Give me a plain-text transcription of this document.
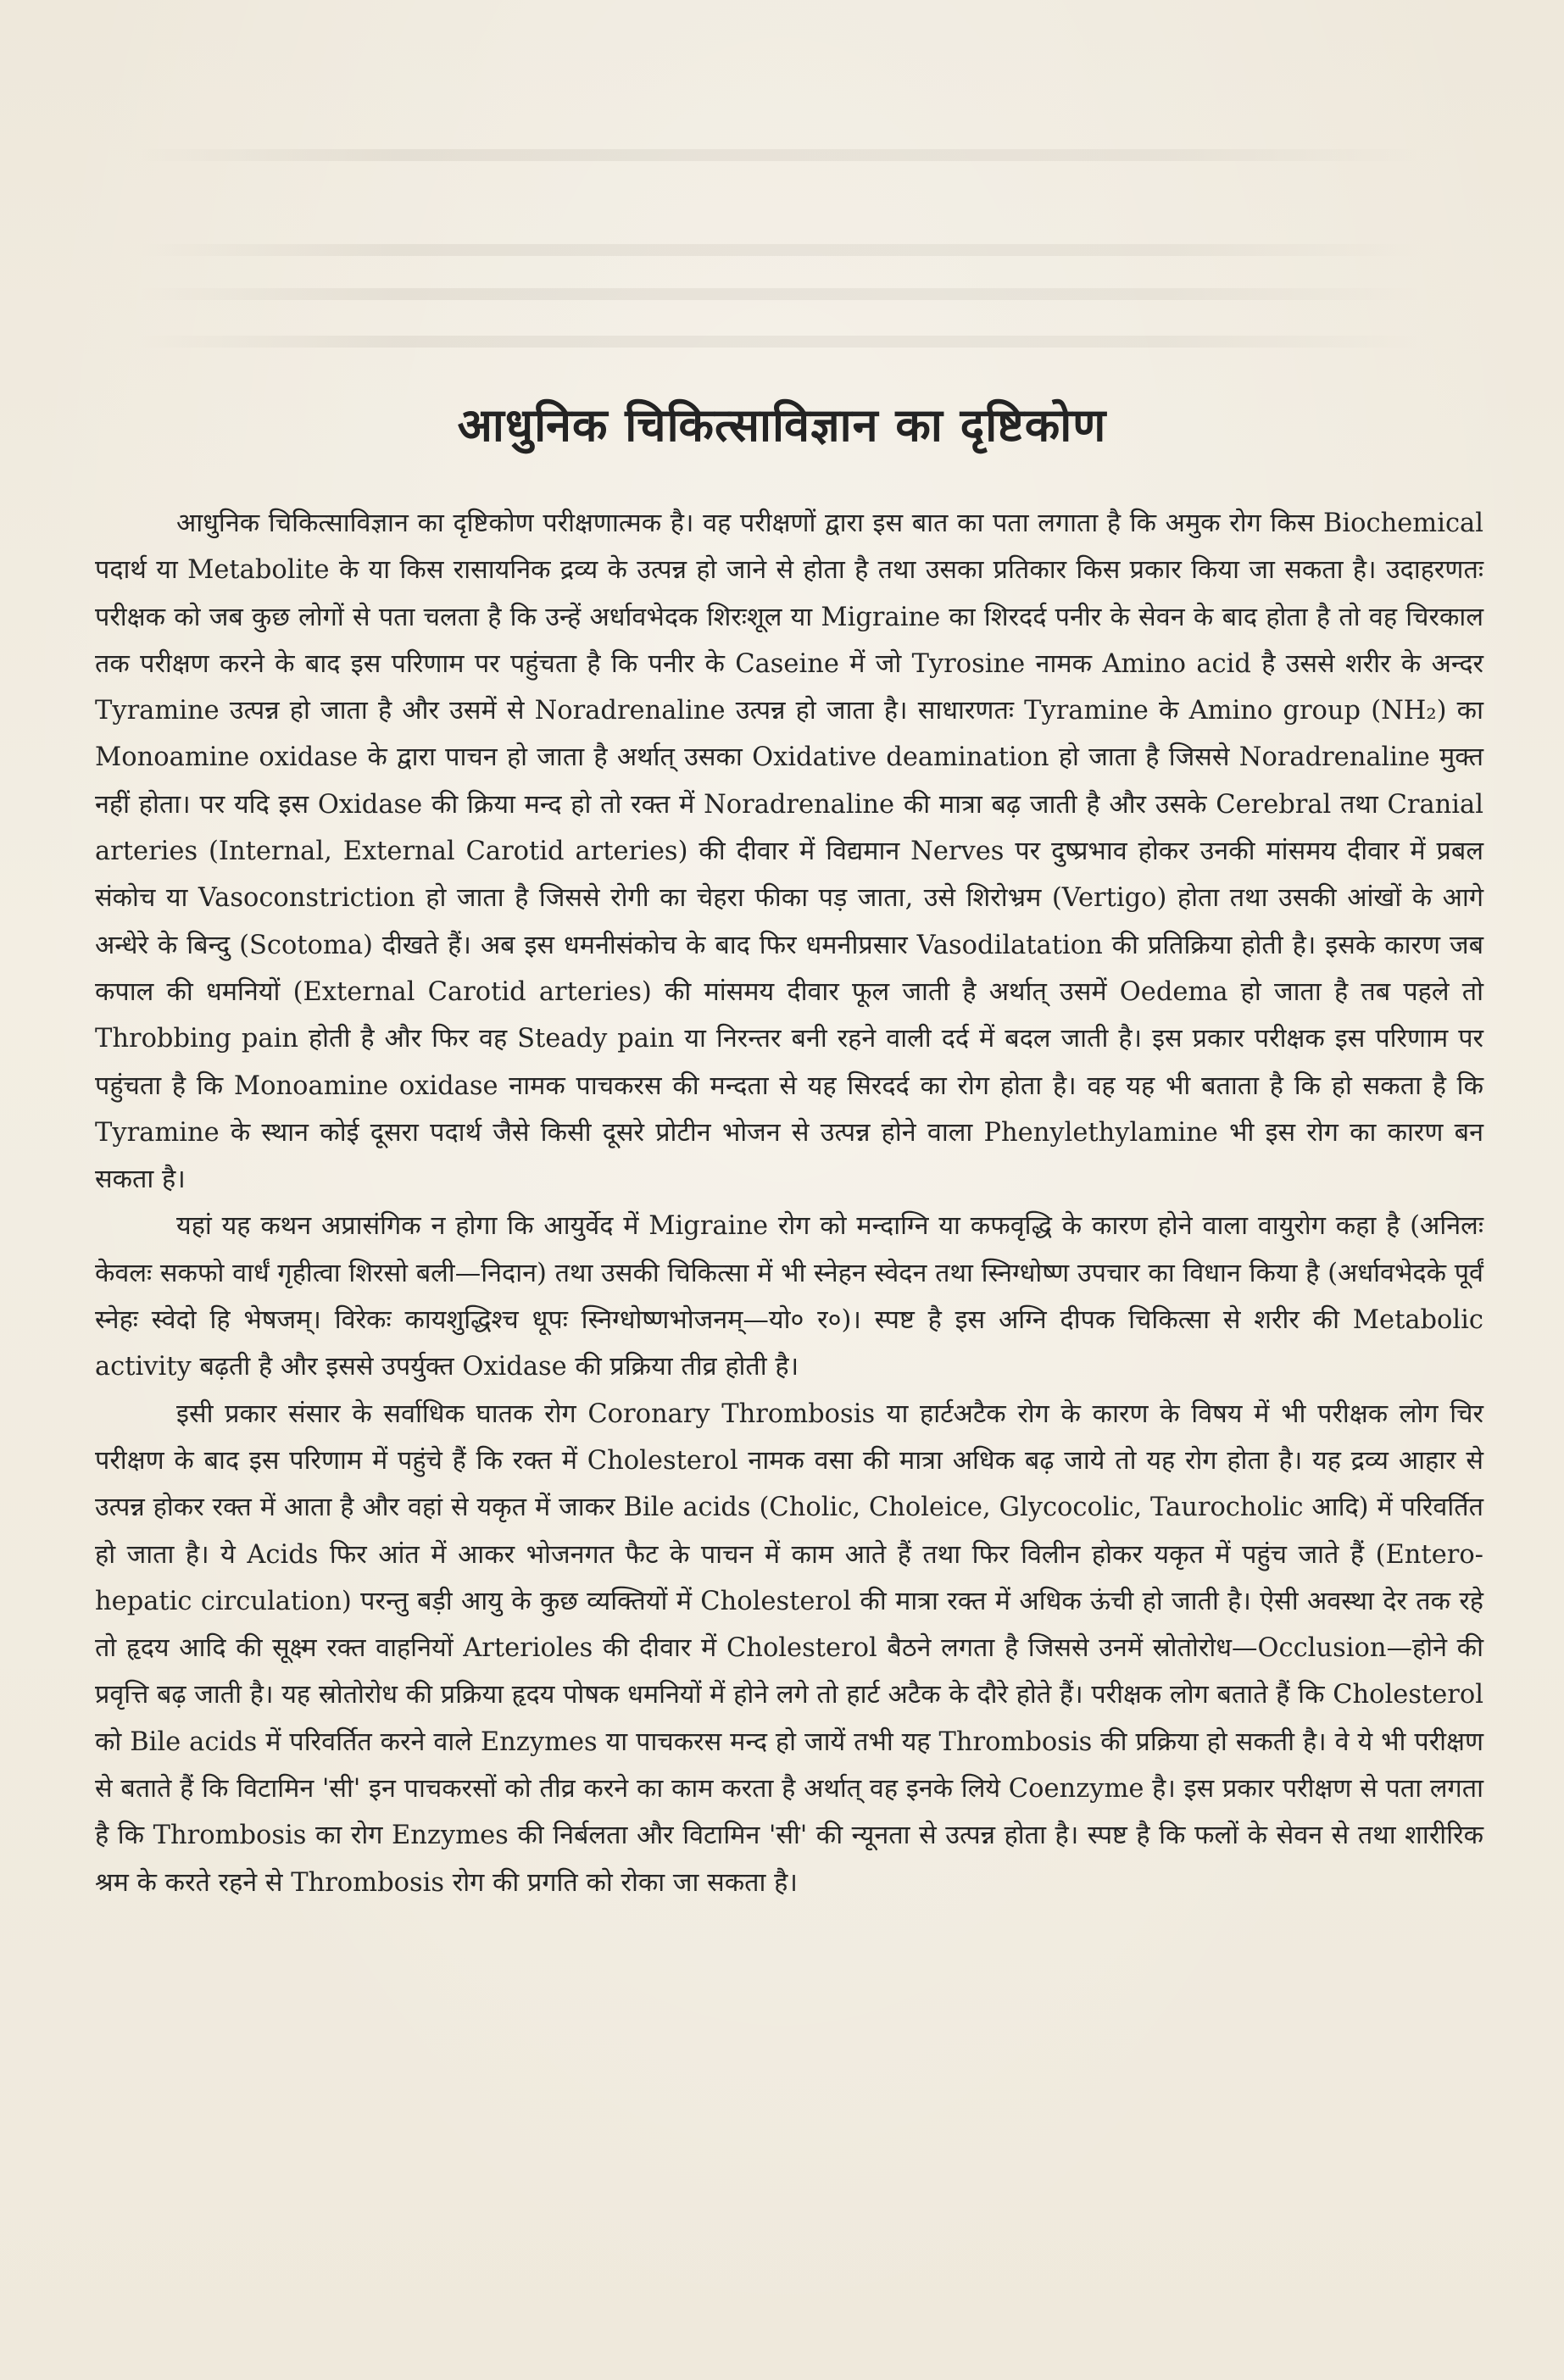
आधुनिक चिकित्साविज्ञान का दृष्टिकोण

आधुनिक चिकित्साविज्ञान का दृष्टिकोण परीक्षणात्मक है। वह परीक्षणों द्वारा इस बात का पता लगाता है कि अमुक रोग किस Biochemical पदार्थ या Metabolite के या किस रासायनिक द्रव्य के उत्पन्न हो जाने से होता है तथा उसका प्रतिकार किस प्रकार किया जा सकता है। उदाहरणतः परीक्षक को जब कुछ लोगों से पता चलता है कि उन्हें अर्धावभेदक शिरःशूल या Migraine का शिरदर्द पनीर के सेवन के बाद होता है तो वह चिरकाल तक परीक्षण करने के बाद इस परिणाम पर पहुंचता है कि पनीर के Caseine में जो Tyrosine नामक Amino acid है उससे शरीर के अन्दर Tyramine उत्पन्न हो जाता है और उसमें से Noradrenaline उत्पन्न हो जाता है। साधारणतः Tyramine के Amino group (NH₂) का Monoamine oxidase के द्वारा पाचन हो जाता है अर्थात् उसका Oxidative deamination हो जाता है जिससे Noradrenaline मुक्त नहीं होता। पर यदि इस Oxidase की क्रिया मन्द हो तो रक्त में Noradrenaline की मात्रा बढ़ जाती है और उसके Cerebral तथा Cranial arteries (Internal, External Carotid arteries) की दीवार में विद्यमान Nerves पर दुष्प्रभाव होकर उनकी मांसमय दीवार में प्रबल संकोच या Vasoconstriction हो जाता है जिससे रोगी का चेहरा फीका पड़ जाता, उसे शिरोभ्रम (Vertigo) होता तथा उसकी आंखों के आगे अन्धेरे के बिन्दु (Scotoma) दीखते हैं। अब इस धमनीसंकोच के बाद फिर धमनीप्रसार Vasodilatation की प्रतिक्रिया होती है। इसके कारण जब कपाल की धमनियों (External Carotid arteries) की मांसमय दीवार फूल जाती है अर्थात् उसमें Oedema हो जाता है तब पहले तो Throbbing pain होती है और फिर वह Steady pain या निरन्तर बनी रहने वाली दर्द में बदल जाती है। इस प्रकार परीक्षक इस परिणाम पर पहुंचता है कि Monoamine oxidase नामक पाचकरस की मन्दता से यह सिरदर्द का रोग होता है। वह यह भी बताता है कि हो सकता है कि Tyramine के स्थान कोई दूसरा पदार्थ जैसे किसी दूसरे प्रोटीन भोजन से उत्पन्न होने वाला Phenylethylamine भी इस रोग का कारण बन सकता है।

यहां यह कथन अप्रासंगिक न होगा कि आयुर्वेद में Migraine रोग को मन्दाग्नि या कफवृद्धि के कारण होने वाला वायुरोग कहा है (अनिलः केवलः सकफो वार्धं गृहीत्वा शिरसो बली—निदान) तथा उसकी चिकित्सा में भी स्नेहन स्वेदन तथा स्निग्धोष्ण उपचार का विधान किया है (अर्धावभेदके पूर्वं स्नेहः स्वेदो हि भेषजम्। विरेकः कायशुद्धिश्च धूपः स्निग्धोष्णभोजनम्—यो० र०)। स्पष्ट है इस अग्नि दीपक चिकित्सा से शरीर की Metabolic activity बढ़ती है और इससे उपर्युक्त Oxidase की प्रक्रिया तीव्र होती है।

इसी प्रकार संसार के सर्वाधिक घातक रोग Coronary Thrombosis या हार्टअटैक रोग के कारण के विषय में भी परीक्षक लोग चिर परीक्षण के बाद इस परिणाम में पहुंचे हैं कि रक्त में Cholesterol नामक वसा की मात्रा अधिक बढ़ जाये तो यह रोग होता है। यह द्रव्य आहार से उत्पन्न होकर रक्त में आता है और वहां से यकृत में जाकर Bile acids (Cholic, Choleice, Glycocolic, Taurocholic आदि) में परिवर्तित हो जाता है। ये Acids फिर आंत में आकर भोजनगत फैट के पाचन में काम आते हैं तथा फिर विलीन होकर यकृत में पहुंच जाते हैं (Entero-hepatic circulation) परन्तु बड़ी आयु के कुछ व्यक्तियों में Cholesterol की मात्रा रक्त में अधिक ऊंची हो जाती है। ऐसी अवस्था देर तक रहे तो हृदय आदि की सूक्ष्म रक्त वाहनियों Arterioles की दीवार में Cholesterol बैठने लगता है जिससे उनमें स्रोतोरोध—Occlusion—होने की प्रवृत्ति बढ़ जाती है। यह स्रोतोरोध की प्रक्रिया हृदय पोषक धमनियों में होने लगे तो हार्ट अटैक के दौरे होते हैं। परीक्षक लोग बताते हैं कि Cholesterol को Bile acids में परिवर्तित करने वाले Enzymes या पाचकरस मन्द हो जायें तभी यह Thrombosis की प्रक्रिया हो सकती है। वे ये भी परीक्षण से बताते हैं कि विटामिन 'सी' इन पाचकरसों को तीव्र करने का काम करता है अर्थात् वह इनके लिये Coenzyme है। इस प्रकार परीक्षण से पता लगता है कि Thrombosis का रोग Enzymes की निर्बलता और विटामिन 'सी' की न्यूनता से उत्पन्न होता है। स्पष्ट है कि फलों के सेवन से तथा शारीरिक श्रम के करते रहने से Thrombosis रोग की प्रगति को रोका जा सकता है।
